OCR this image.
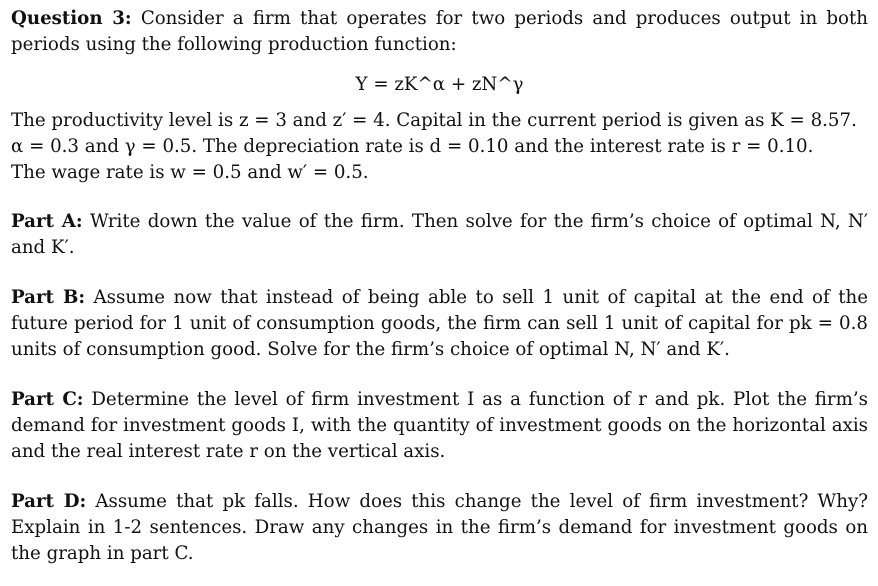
Question 3: Consider a firm that operates for two periods and produces output in both periods using the following production function:

Y = zK^α + zN^γ

The productivity level is z = 3 and z′ = 4. Capital in the current period is given as K = 8.57.
α = 0.3 and γ = 0.5. The depreciation rate is d = 0.10 and the interest rate is r = 0.10.
The wage rate is w = 0.5 and w′ = 0.5.

Part A: Write down the value of the firm. Then solve for the firm’s choice of optimal N, N′ and K′.

Part B: Assume now that instead of being able to sell 1 unit of capital at the end of the future period for 1 unit of consumption goods, the firm can sell 1 unit of capital for pk = 0.8 units of consumption good. Solve for the firm’s choice of optimal N, N′ and K′.

Part C: Determine the level of firm investment I as a function of r and pk. Plot the firm’s demand for investment goods I, with the quantity of investment goods on the horizontal axis and the real interest rate r on the vertical axis.

Part D: Assume that pk falls. How does this change the level of firm investment? Why? Explain in 1-2 sentences. Draw any changes in the firm’s demand for investment goods on the graph in part C.
